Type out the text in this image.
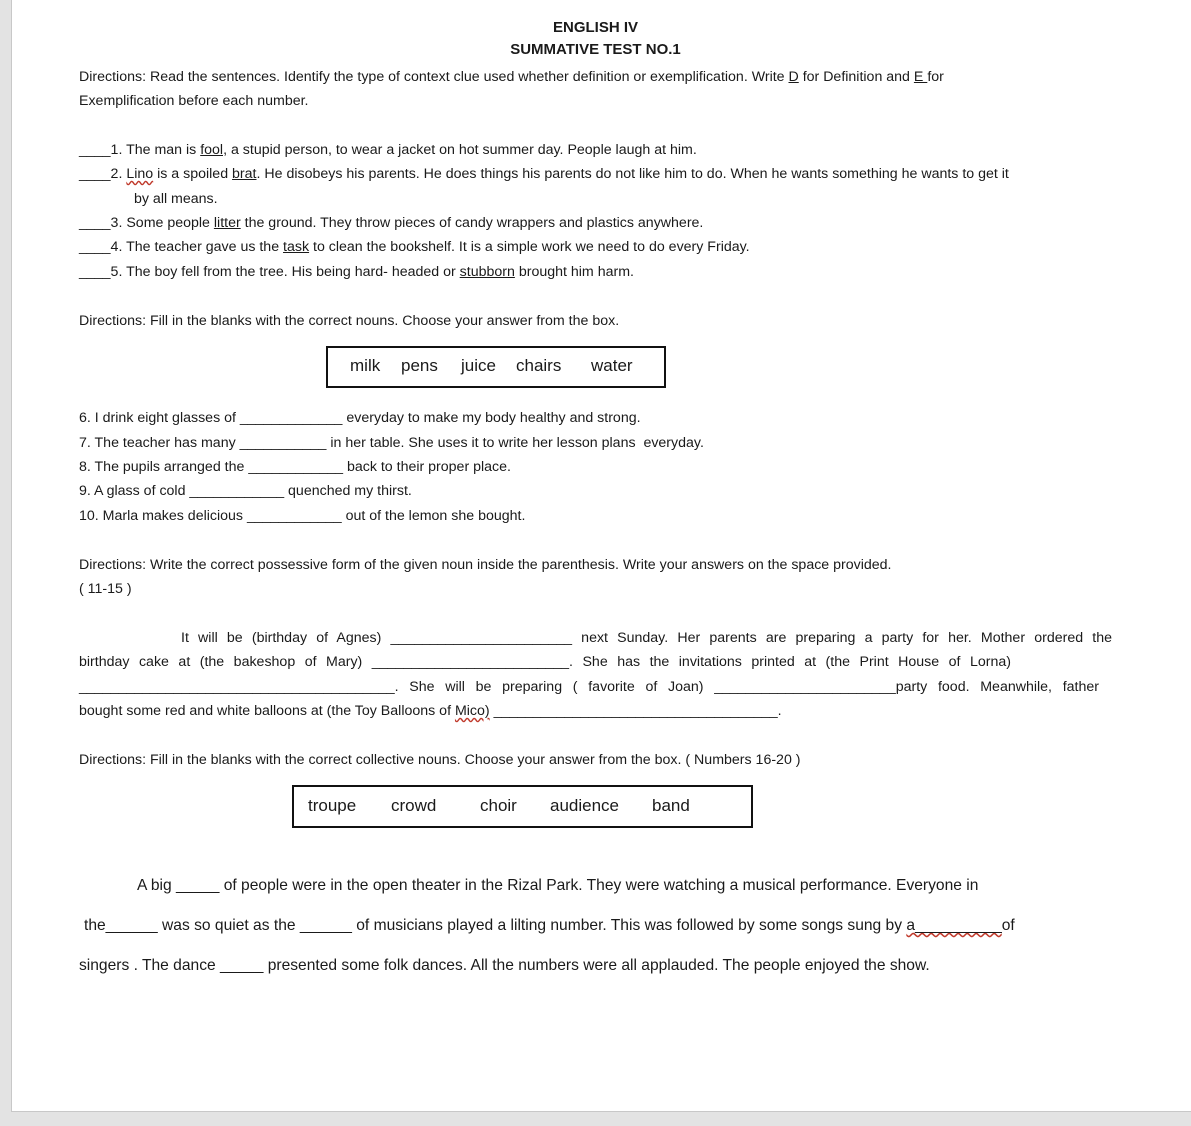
ENGLISH IV
SUMMATIVE TEST NO.1
Directions: Read the sentences. Identify the type of context clue used whether definition or exemplification. Write D for Definition and E for
Exemplification before each number.
____1. The man is fool, a stupid person, to wear a jacket on hot summer day. People laugh at him.
____2. Lino is a spoiled brat. He disobeys his parents. He does things his parents do not like him to do. When he wants something he wants to get it
by all means.
____3. Some people litter the ground. They throw pieces of candy wrappers and plastics anywhere.
____4. The teacher gave us the task to clean the bookshelf. It is a simple work we need to do every Friday.
____5. The boy fell from the tree. His being hard- headed or stubborn brought him harm.
Directions: Fill in the blanks with the correct nouns. Choose your answer from the box.
6. I drink eight glasses of _____________ everyday to make my body healthy and strong.
7. The teacher has many ___________ in her table. She uses it to write her lesson plans  everyday.
8. The pupils arranged the ____________ back to their proper place.
9. A glass of cold ____________ quenched my thirst.
10. Marla makes delicious ____________ out of the lemon she bought.
Directions: Write the correct possessive form of the given noun inside the parenthesis. Write your answers on the space provided.
( 11-15 )
It will be (birthday of Agnes) _______________________ next Sunday. Her parents are preparing a party for her. Mother ordered the
birthday cake at (the bakeshop of Mary) _________________________. She has the invitations printed at (the Print House of Lorna)
________________________________________. She will be preparing ( favorite of Joan) _______________________party food. Meanwhile, father
bought some red and white balloons at (the Toy Balloons of Mico) ____________________________________.
Directions: Fill in the blanks with the correct collective nouns. Choose your answer from the box. ( Numbers 16-20 )
A big _____ of people were in the open theater in the Rizal Park. They were watching a musical performance. Everyone in
the______ was so quiet as the ______ of musicians played a lilting number. This was followed by some songs sung by a__________of
singers . The dance _____ presented some folk dances. All the numbers were all applauded. The people enjoyed the show.
milk pens juice chairs water
troupe crowd	choir audience band
